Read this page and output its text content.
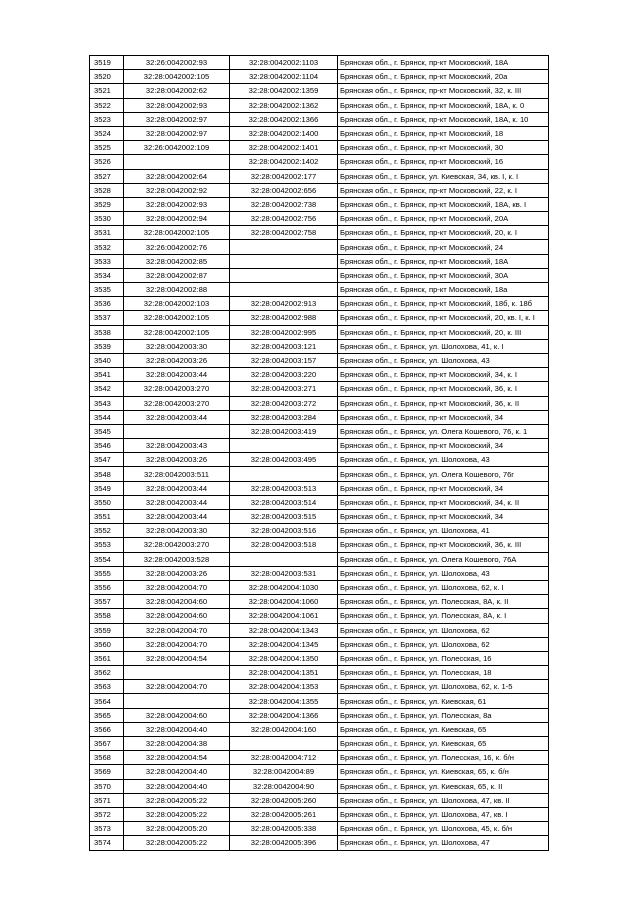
3519	32:26:0042002:93	32:28:0042002:1103	Брянская обл., г. Брянск, пр-кт Московский, 18А
3520	32:28:0042002:105	32:28:0042002:1104	Брянская обл., г. Брянск, пр-кт Московский, 20а
3521	32:28:0042002:62	32:28:0042002:1359	Брянская обл., г. Брянск, пр-кт Московский, 32, к. III
3522	32:28:0042002:93	32:28:0042002:1362	Брянская обл., г. Брянск, пр-кт Московский, 18А, к. 0
3523	32:28:0042002:97	32:28:0042002:1366	Брянская обл., г. Брянск, пр-кт Московский, 18А, к. 10
3524	32:28:0042002:97	32:28:0042002:1400	Брянская обл., г. Брянск, пр-кт Московский, 18
3525	32:26:0042002:109	32:28:0042002:1401	Брянская обл., г. Брянск, пр-кт Московский, 30
3526		32:28:0042002:1402	Брянская обл., г. Брянск, пр-кт Московский, 16
3527	32:28:0042002:64	32:28:0042002:177	Брянская обл., г. Брянск, ул. Киевская, 34, кв. I, к. I
3528	32:28:0042002:92	32:28:0042002:656	Брянская обл., г. Брянск, пр-кт Московский, 22, к. I
3529	32:28:0042002:93	32:28:0042002:738	Брянская обл., г. Брянск, пр-кт Московский, 18А, кв. I
3530	32:28:0042002:94	32:28:0042002:756	Брянская обл., г. Брянск, пр-кт Московский, 20А
3531	32:28:0042002:105	32:28:0042002:758	Брянская обл., г. Брянск, пр-кт Московский, 20, к. I
3532	32:26:0042002:76		Брянская обл., г. Брянск, пр-кт Московский, 24
3533	32:28:0042002:85		Брянская обл., г. Брянск, пр-кт Московский, 18А
3534	32:28:0042002:87		Брянская обл., г. Брянск, пр-кт Московский, 30А
3535	32:28:0042002:88		Брянская обл., г. Брянск, пр-кт Московский, 18а
3536	32:28:0042002:103	32:28:0042002:913	Брянская обл., г. Брянск, пр-кт Московский, 18б, к. 18б
3537	32:28:0042002:105	32:28:0042002:988	Брянская обл., г. Брянск, пр-кт Московский, 20, кв. I, к. I
3538	32:28:0042002:105	32:28:0042002:995	Брянская обл., г. Брянск, пр-кт Московский, 20, к. III
3539	32:28:0042003:30	32:28:0042003:121	Брянская обл., г. Брянск, ул. Шолохова, 41, к. I
3540	32:28:0042003:26	32:28:0042003:157	Брянская обл., г. Брянск, ул. Шолохова, 43
3541	32:28:0042003:44	32:28:0042003:220	Брянская обл., г. Брянск, пр-кт Московский, 34, к. I
3542	32:28:0042003:270	32:28:0042003:271	Брянская обл., г. Брянск, пр-кт Московский, 36, к. I
3543	32:28:0042003:270	32:28:0042003:272	Брянская обл., г. Брянск, пр-кт Московский, 36, к. II
3544	32:28:0042003:44	32:28:0042003:284	Брянская обл., г. Брянск, пр-кт Московский, 34
3545		32:28:0042003:419	Брянская обл., г. Брянск, ул. Олега Кошевого, 76, к. 1
3546	32:28:0042003:43		Брянская обл., г. Брянск, пр-кт Московский, 34
3547	32:28:0042003:26	32:28:0042003:495	Брянская обл., г. Брянск, ул. Шолохова, 43
3548	32:28:0042003:511		Брянская обл., г. Брянск, ул. Олега Кошевого, 76г
3549	32:28:0042003:44	32:28:0042003:513	Брянская обл., г. Брянск, пр-кт Московский, 34
3550	32:28:0042003:44	32:28:0042003:514	Брянская обл., г. Брянск, пр-кт Московский, 34, к. II
3551	32:28:0042003:44	32:28:0042003:515	Брянская обл., г. Брянск, пр-кт Московский, 34
3552	32:28:0042003:30	32:28:0042003:516	Брянская обл., г. Брянск, ул. Шолохова, 41
3553	32:28:0042003:270	32:28:0042003:518	Брянская обл., г. Брянск, пр-кт Московский, 36, к. III
3554	32:28:0042003:528		Брянская обл., г. Брянск, ул. Олега Кошевого, 76А
3555	32:28:0042003:26	32:28:0042003:531	Брянская обл., г. Брянск, ул. Шолохова, 43
3556	32:28:0042004:70	32:28:0042004:1030	Брянская обл., г. Брянск, ул. Шолохова, 62, к. I
3557	32:28:0042004:60	32:28:0042004:1060	Брянская обл., г. Брянск, ул. Полесская, 8А, к. II
3558	32:28:0042004:60	32:28:0042004:1061	Брянская обл., г. Брянск, ул. Полесская, 8А, к. I
3559	32:28:0042004:70	32:28:0042004:1343	Брянская обл., г. Брянск, ул. Шолохова, 62
3560	32:28:0042004:70	32:28:0042004:1345	Брянская обл., г. Брянск, ул. Шолохова, 62
3561	32:28:0042004:54	32:28:0042004:1350	Брянская обл., г. Брянск, ул. Полесская, 16
3562		32:28:0042004:1351	Брянская обл., г. Брянск, ул. Полесская, 18
3563	32:28:0042004:70	32:28:0042004:1353	Брянская обл., г. Брянск, ул. Шолохова, 62, к. 1-5
3564		32:28:0042004:1355	Брянская обл., г. Брянск, ул. Киевская, 61
3565	32:28:0042004:60	32:28:0042004:1366	Брянская обл., г. Брянск, ул. Полесская, 8а
3566	32:28:0042004:40	32:28:0042004:160	Брянская обл., г. Брянск, ул. Киевская, 65
3567	32:28:0042004:38		Брянская обл., г. Брянск, ул. Киевская, 65
3568	32:28:0042004:54	32:28:0042004:712	Брянская обл., г. Брянск, ул. Полесская, 16, к. б/н
3569	32:28:0042004:40	32:28:0042004:89	Брянская обл., г. Брянск, ул. Киевская, 65, к. б/н
3570	32:28:0042004:40	32:28:0042004:90	Брянская обл., г. Брянск, ул. Киевская, 65, к. II
3571	32:28:0042005:22	32:28:0042005:260	Брянская обл., г. Брянск, ул. Шолохова, 47, кв. II
3572	32:28:0042005:22	32:28:0042005:261	Брянская обл., г. Брянск, ул. Шолохова, 47, кв. I
3573	32:28:0042005:20	32:28:0042005:338	Брянская обл., г. Брянск, ул. Шолохова, 45, к. б/н
3574	32:28:0042005:22	32:28:0042005:396	Брянская обл., г. Брянск, ул. Шолохова, 47
